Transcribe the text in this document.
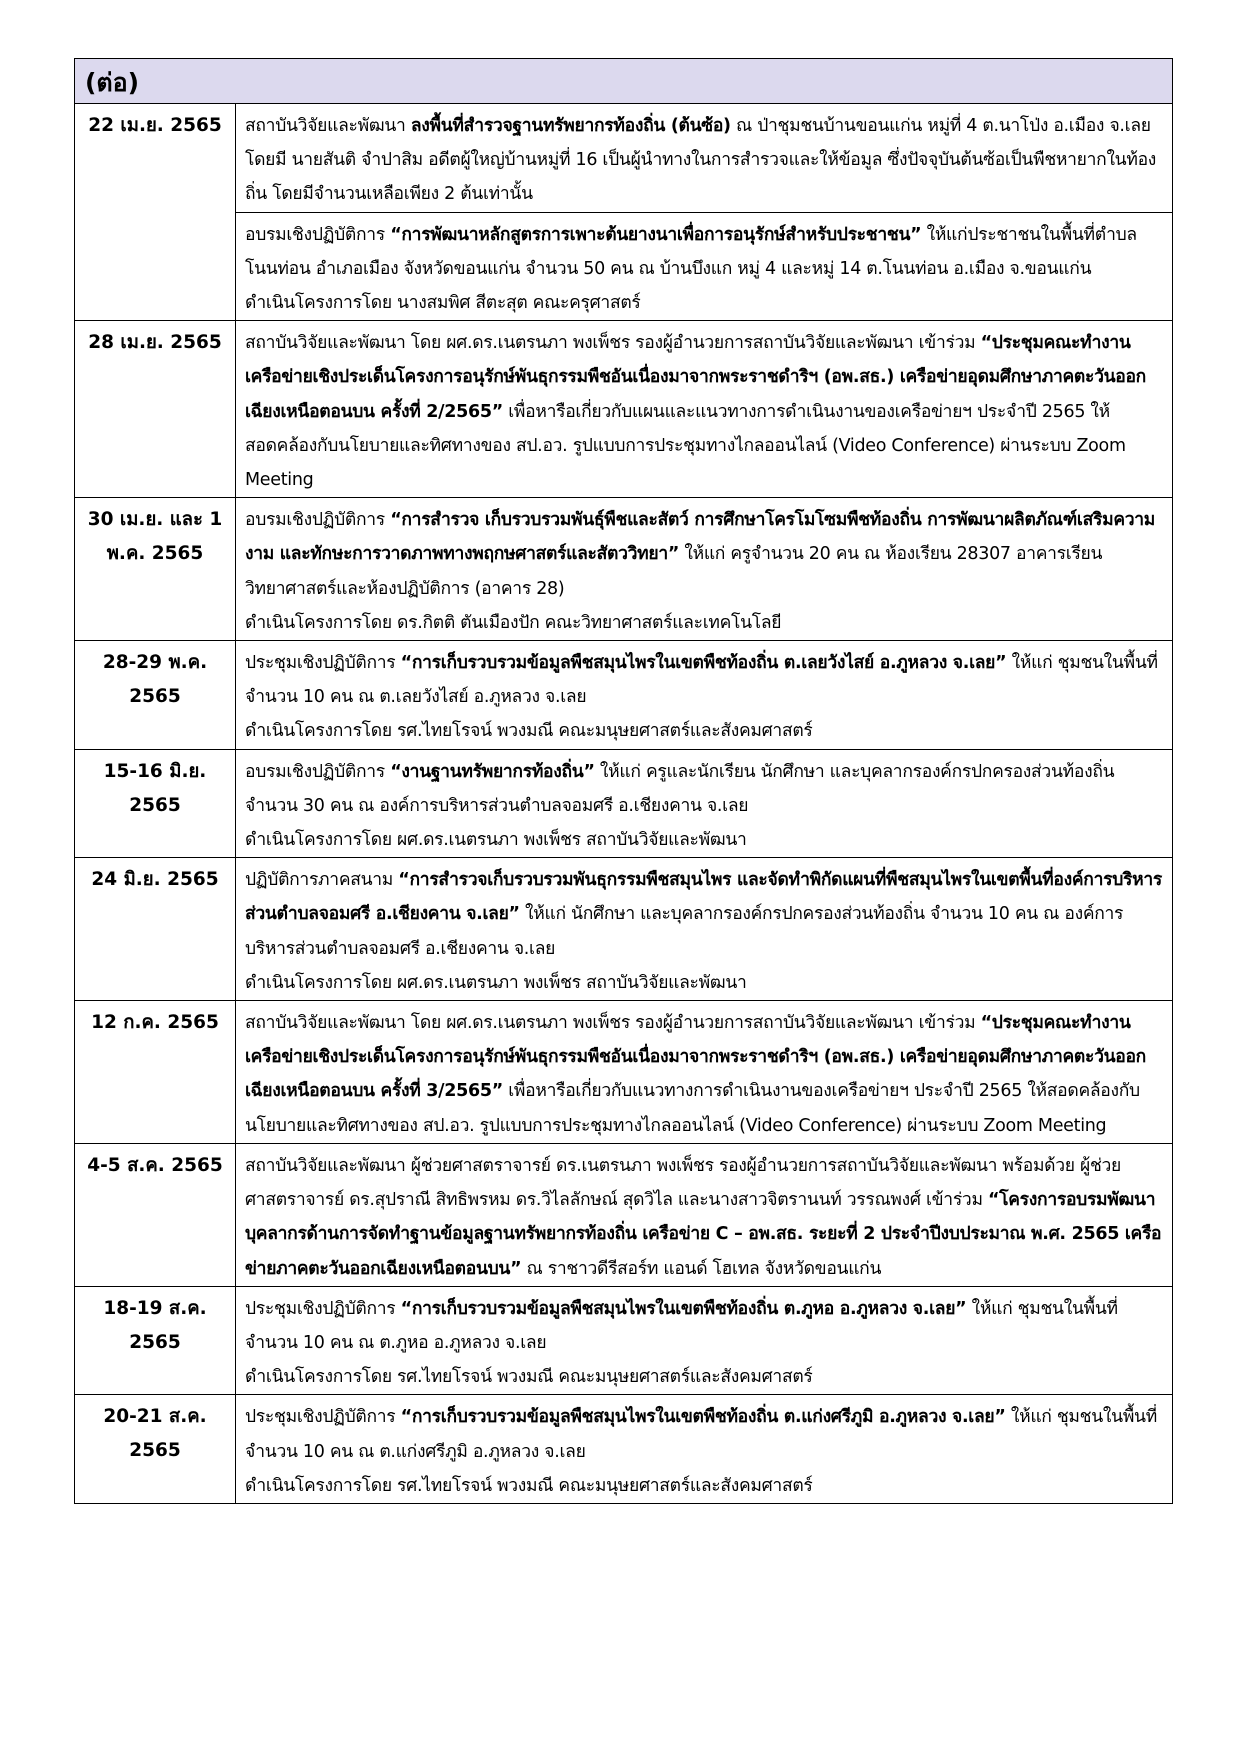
(ต่อ)	
22 เม.ย. 2565	สถาบันวิจัยและพัฒนา ลงพื้นที่สำรวจฐานทรัพยากรท้องถิ่น (ต้นซ้อ) ณ ป่าชุมชนบ้านขอนแก่น หมู่ที่ 4 ต.นาโป่ง อ.เมือง จ.เลย โดยมี นายสันติ จำปาสิม อดีตผู้ใหญ่บ้านหมู่ที่ 16 เป็นผู้นำทางในการสำรวจและให้ข้อมูล ซึ่งปัจจุบันต้นซ้อเป็นพืชหายากในท้องถิ่น โดยมีจำนวนเหลือเพียง 2 ต้นเท่านั้น

	อบรมเชิงปฏิบัติการ “การพัฒนาหลักสูตรการเพาะต้นยางนาเพื่อการอนุรักษ์สำหรับประชาชน” ให้แก่ประชาชนในพื้นที่ตำบลโนนท่อน อำเภอเมือง จังหวัดขอนแก่น จำนวน 50 คน ณ บ้านบึงแก หมู่ 4 และหมู่ 14 ต.โนนท่อน อ.เมือง จ.ขอนแก่น
ดำเนินโครงการโดย นางสมพิศ สีตะสุต คณะครุศาสตร์

28 เม.ย. 2565	สถาบันวิจัยและพัฒนา โดย ผศ.ดร.เนตรนภา พงเพ็ชร รองผู้อำนวยการสถาบันวิจัยและพัฒนา เข้าร่วม “ประชุมคณะทำงานเครือข่ายเชิงประเด็นโครงการอนุรักษ์พันธุกรรมพืชอันเนื่องมาจากพระราชดำริฯ (อพ.สธ.) เครือข่ายอุดมศึกษาภาคตะวันออกเฉียงเหนือตอนบน ครั้งที่ 2/2565” เพื่อหารือเกี่ยวกับแผนและแนวทางการดำเนินงานของเครือข่ายฯ ประจำปี 2565 ให้สอดคล้องกับนโยบายและทิศทางของ สป.อว. รูปแบบการประชุมทางไกลออนไลน์ (Video Conference) ผ่านระบบ Zoom Meeting

30 เม.ย. และ 1 พ.ค. 2565	อบรมเชิงปฏิบัติการ “การสำรวจ เก็บรวบรวมพันธุ์พืชและสัตว์ การศึกษาโครโมโซมพืชท้องถิ่น การพัฒนาผลิตภัณฑ์เสริมความงาม และทักษะการวาดภาพทางพฤกษศาสตร์และสัตววิทยา” ให้แก่ ครูจำนวน 20 คน ณ ห้องเรียน 28307 อาคารเรียนวิทยาศาสตร์และห้องปฏิบัติการ (อาคาร 28)
ดำเนินโครงการโดย ดร.กิตติ ตันเมืองปัก คณะวิทยาศาสตร์และเทคโนโลยี

28-29 พ.ค. 2565	ประชุมเชิงปฏิบัติการ “การเก็บรวบรวมข้อมูลพืชสมุนไพรในเขตพืชท้องถิ่น ต.เลยวังไสย์ อ.ภูหลวง จ.เลย” ให้แก่ ชุมชนในพื้นที่ จำนวน 10 คน ณ ต.เลยวังไสย์ อ.ภูหลวง จ.เลย
ดำเนินโครงการโดย รศ.ไทยโรจน์ พวงมณี คณะมนุษยศาสตร์และสังคมศาสตร์

15-16 มิ.ย. 2565	อบรมเชิงปฏิบัติการ “งานฐานทรัพยากรท้องถิ่น” ให้แก่ ครูและนักเรียน นักศึกษา และบุคลากรองค์กรปกครองส่วนท้องถิ่น จำนวน 30 คน ณ องค์การบริหารส่วนตำบลจอมศรี อ.เชียงคาน จ.เลย
ดำเนินโครงการโดย ผศ.ดร.เนตรนภา พงเพ็ชร สถาบันวิจัยและพัฒนา

24 มิ.ย. 2565	ปฏิบัติการภาคสนาม “การสำรวจเก็บรวบรวมพันธุกรรมพืชสมุนไพร และจัดทำพิกัดแผนที่พืชสมุนไพรในเขตพื้นที่องค์การบริหารส่วนตำบลจอมศรี อ.เชียงคาน จ.เลย” ให้แก่ นักศึกษา และบุคลากรองค์กรปกครองส่วนท้องถิ่น จำนวน 10 คน ณ องค์การบริหารส่วนตำบลจอมศรี อ.เชียงคาน จ.เลย
ดำเนินโครงการโดย ผศ.ดร.เนตรนภา พงเพ็ชร สถาบันวิจัยและพัฒนา

12 ก.ค. 2565	สถาบันวิจัยและพัฒนา โดย ผศ.ดร.เนตรนภา พงเพ็ชร รองผู้อำนวยการสถาบันวิจัยและพัฒนา เข้าร่วม “ประชุมคณะทำงานเครือข่ายเชิงประเด็นโครงการอนุรักษ์พันธุกรรมพืชอันเนื่องมาจากพระราชดำริฯ (อพ.สธ.) เครือข่ายอุดมศึกษาภาคตะวันออกเฉียงเหนือตอนบน ครั้งที่ 3/2565” เพื่อหารือเกี่ยวกับแนวทางการดำเนินงานของเครือข่ายฯ ประจำปี 2565 ให้สอดคล้องกับนโยบายและทิศทางของ สป.อว. รูปแบบการประชุมทางไกลออนไลน์ (Video Conference) ผ่านระบบ Zoom Meeting

4-5 ส.ค. 2565	สถาบันวิจัยและพัฒนา ผู้ช่วยศาสตราจารย์ ดร.เนตรนภา พงเพ็ชร รองผู้อำนวยการสถาบันวิจัยและพัฒนา พร้อมด้วย ผู้ช่วยศาสตราจารย์ ดร.สุปราณี สิทธิพรหม ดร.วิไลลักษณ์ สุดวิไล และนางสาวจิตรานนท์ วรรณพงศ์ เข้าร่วม “โครงการอบรมพัฒนาบุคลากรด้านการจัดทำฐานข้อมูลฐานทรัพยากรท้องถิ่น เครือข่าย C – อพ.สธ. ระยะที่ 2 ประจำปีงบประมาณ พ.ศ. 2565 เครือข่ายภาคตะวันออกเฉียงเหนือตอนบน” ณ ราชาวดีรีสอร์ท แอนด์ โฮเทล จังหวัดขอนแก่น

18-19 ส.ค. 2565	ประชุมเชิงปฏิบัติการ “การเก็บรวบรวมข้อมูลพืชสมุนไพรในเขตพืชท้องถิ่น ต.ภูหอ อ.ภูหลวง จ.เลย” ให้แก่ ชุมชนในพื้นที่ จำนวน 10 คน ณ ต.ภูหอ อ.ภูหลวง จ.เลย
ดำเนินโครงการโดย รศ.ไทยโรจน์ พวงมณี คณะมนุษยศาสตร์และสังคมศาสตร์

20-21 ส.ค. 2565	ประชุมเชิงปฏิบัติการ “การเก็บรวบรวมข้อมูลพืชสมุนไพรในเขตพืชท้องถิ่น ต.แก่งศรีภูมิ อ.ภูหลวง จ.เลย” ให้แก่ ชุมชนในพื้นที่ จำนวน 10 คน ณ ต.แก่งศรีภูมิ อ.ภูหลวง จ.เลย
ดำเนินโครงการโดย รศ.ไทยโรจน์ พวงมณี คณะมนุษยศาสตร์และสังคมศาสตร์
